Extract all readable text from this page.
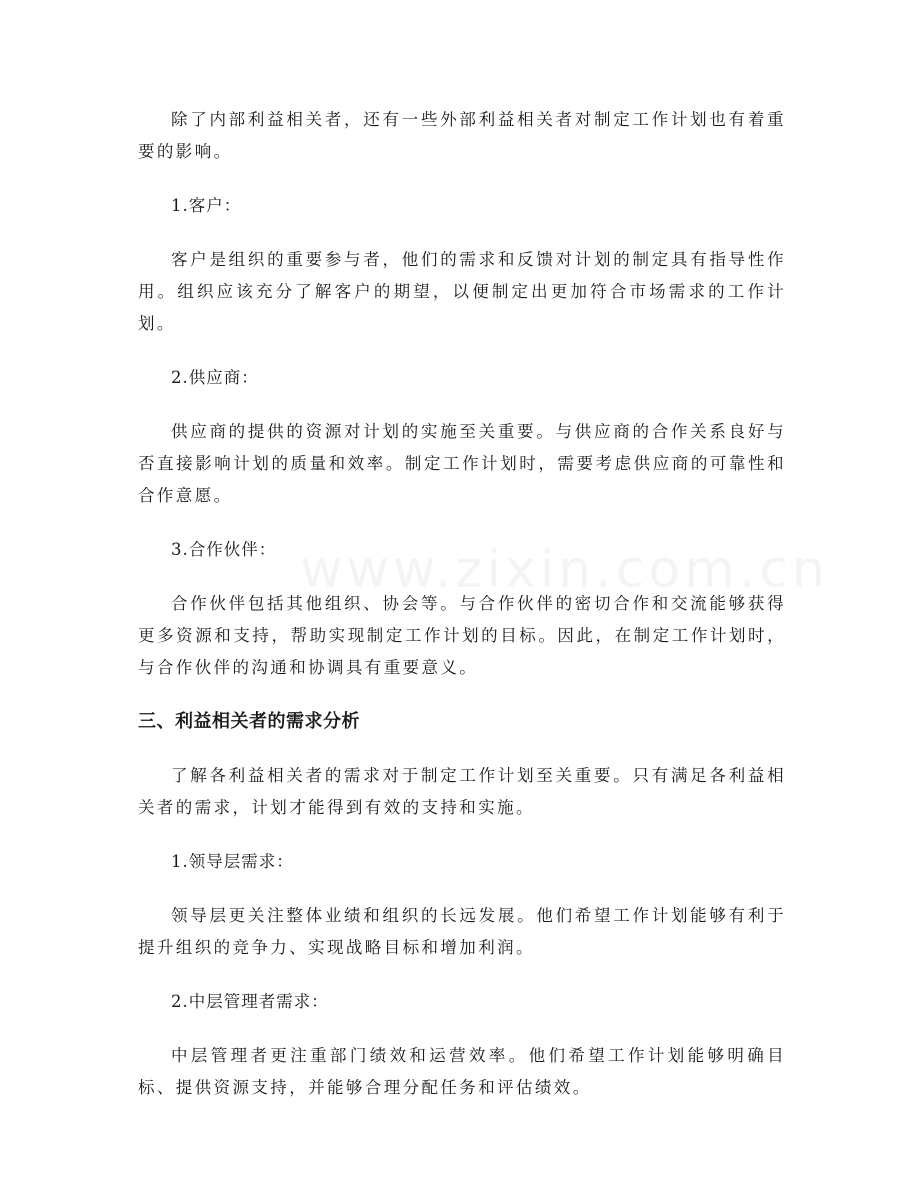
除了内部利益相关者，还有一些外部利益相关者对制定工作计划也有着重要的影响。

1.客户：

客户是组织的重要参与者，他们的需求和反馈对计划的制定具有指导性作用。组织应该充分了解客户的期望，以便制定出更加符合市场需求的工作计划。

2.供应商：

供应商的提供的资源对计划的实施至关重要。与供应商的合作关系良好与否直接影响计划的质量和效率。制定工作计划时，需要考虑供应商的可靠性和合作意愿。

3.合作伙伴：

合作伙伴包括其他组织、协会等。与合作伙伴的密切合作和交流能够获得更多资源和支持，帮助实现制定工作计划的目标。因此，在制定工作计划时，与合作伙伴的沟通和协调具有重要意义。

三、利益相关者的需求分析

了解各利益相关者的需求对于制定工作计划至关重要。只有满足各利益相关者的需求，计划才能得到有效的支持和实施。

1.领导层需求：

领导层更关注整体业绩和组织的长远发展。他们希望工作计划能够有利于提升组织的竞争力、实现战略目标和增加利润。

2.中层管理者需求：

中层管理者更注重部门绩效和运营效率。他们希望工作计划能够明确目标、提供资源支持，并能够合理分配任务和评估绩效。
